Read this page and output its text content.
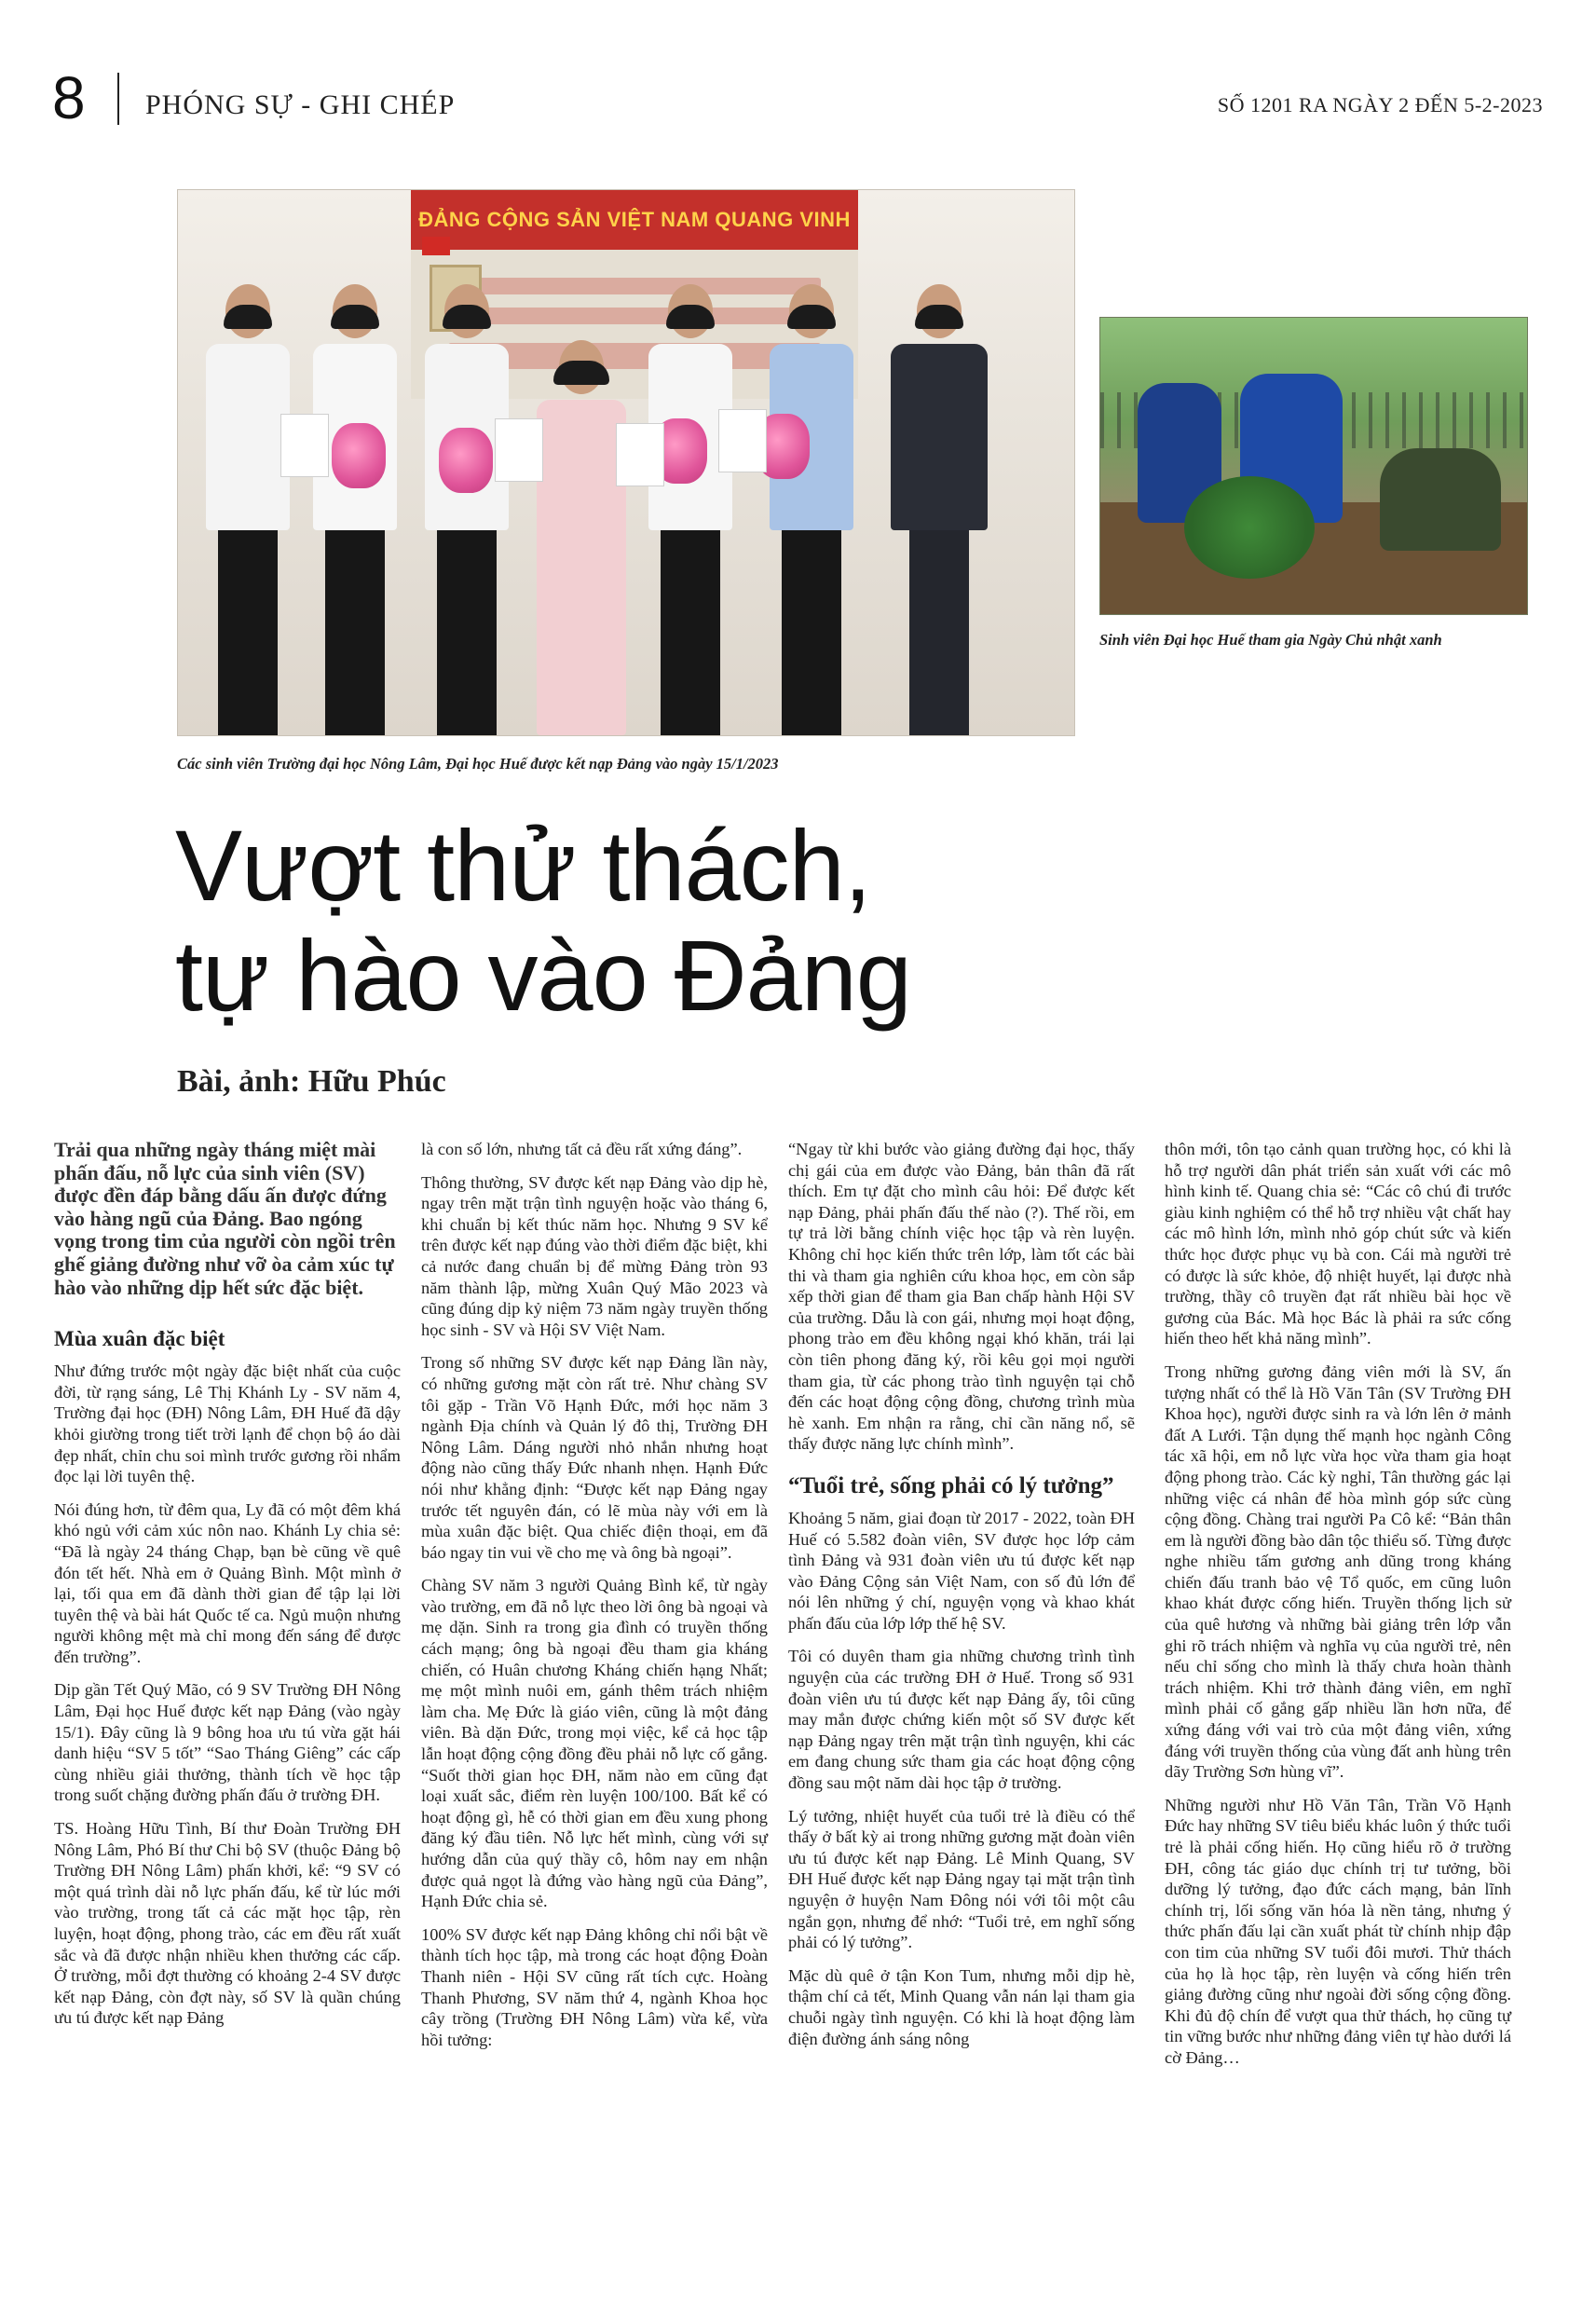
8 PHÓNG SỰ - GHI CHÉP	SỐ 1201 RA NGÀY 2 ĐẾN 5-2-2023
ĐẢNG CỘNG SẢN VIỆT NAM QUANG VINH
Các sinh viên Trường đại học Nông Lâm, Đại học Huế được kết nạp Đảng vào ngày 15/1/2023
Sinh viên Đại học Huế tham gia Ngày Chủ nhật xanh
Vượt thử thách,
tự hào vào Đảng
Bài, ảnh: Hữu Phúc

Trải qua những ngày tháng miệt mài phấn đấu, nỗ lực của sinh viên (SV) được đền đáp bằng dấu ấn được đứng vào hàng ngũ của Đảng. Bao ngóng vọng trong tim của người còn ngồi trên ghế giảng đường như vỡ òa cảm xúc tự hào vào những dịp hết sức đặc biệt.

Mùa xuân đặc biệt

Như đứng trước một ngày đặc biệt nhất của cuộc đời, từ rạng sáng, Lê Thị Khánh Ly - SV năm 4, Trường đại học (ĐH) Nông Lâm, ĐH Huế đã dậy khỏi giường trong tiết trời lạnh để chọn bộ áo dài đẹp nhất, chỉn chu soi mình trước gương rồi nhẩm đọc lại lời tuyên thệ.

Nói đúng hơn, từ đêm qua, Ly đã có một đêm khá khó ngủ với cảm xúc nôn nao. Khánh Ly chia sẻ: “Đã là ngày 24 tháng Chạp, bạn bè cũng về quê đón tết hết. Nhà em ở Quảng Bình. Một mình ở lại, tối qua em đã dành thời gian để tập lại lời tuyên thệ và bài hát Quốc tế ca. Ngủ muộn nhưng người không mệt mà chỉ mong đến sáng để được đến trường”.

Dịp gần Tết Quý Mão, có 9 SV Trường ĐH Nông Lâm, Đại học Huế được kết nạp Đảng (vào ngày 15/1). Đây cũng là 9 bông hoa ưu tú vừa gặt hái danh hiệu “SV 5 tốt” “Sao Tháng Giêng” các cấp cùng nhiều giải thưởng, thành tích về học tập trong suốt chặng đường phấn đấu ở trường ĐH.

TS. Hoàng Hữu Tình, Bí thư Đoàn Trường ĐH Nông Lâm, Phó Bí thư Chi bộ SV (thuộc Đảng bộ Trường ĐH Nông Lâm) phấn khởi, kể: “9 SV có một quá trình dài nỗ lực phấn đấu, kể từ lúc mới vào trường, trong tất cả các mặt học tập, rèn luyện, hoạt động, phong trào, các em đều rất xuất sắc và đã được nhận nhiều khen thưởng các cấp. Ở trường, mỗi đợt thường có khoảng 2-4 SV được kết nạp Đảng, còn đợt này, số SV là quần chúng ưu tú được kết nạp Đảng

là con số lớn, nhưng tất cả đều rất xứng đáng”.

Thông thường, SV được kết nạp Đảng vào dịp hè, ngay trên mặt trận tình nguyện hoặc vào tháng 6, khi chuẩn bị kết thúc năm học. Nhưng 9 SV kể trên được kết nạp đúng vào thời điểm đặc biệt, khi cả nước đang chuẩn bị để mừng Đảng tròn 93 năm thành lập, mừng Xuân Quý Mão 2023 và cũng đúng dịp kỷ niệm 73 năm ngày truyền thống học sinh - SV và Hội SV Việt Nam.

Trong số những SV được kết nạp Đảng lần này, có những gương mặt còn rất trẻ. Như chàng SV tôi gặp - Trần Võ Hạnh Đức, mới học năm 3 ngành Địa chính và Quản lý đô thị, Trường ĐH Nông Lâm. Dáng người nhỏ nhắn nhưng hoạt động nào cũng thấy Đức nhanh nhẹn. Hạnh Đức nói như khẳng định: “Được kết nạp Đảng ngay trước tết nguyên đán, có lẽ mùa này với em là mùa xuân đặc biệt. Qua chiếc điện thoại, em đã báo ngay tin vui về cho mẹ và ông bà ngoại”.

Chàng SV năm 3 người Quảng Bình kể, từ ngày vào trường, em đã nỗ lực theo lời ông bà ngoại và mẹ dặn. Sinh ra trong gia đình có truyền thống cách mạng; ông bà ngoại đều tham gia kháng chiến, có Huân chương Kháng chiến hạng Nhất; mẹ một mình nuôi em, gánh thêm trách nhiệm làm cha. Mẹ Đức là giáo viên, cũng là một đảng viên. Bà dặn Đức, trong mọi việc, kể cả học tập lẫn hoạt động cộng đồng đều phải nỗ lực cố gắng. “Suốt thời gian học ĐH, năm nào em cũng đạt loại xuất sắc, điểm rèn luyện 100/100. Bất kể có hoạt động gì, hễ có thời gian em đều xung phong đăng ký đầu tiên. Nỗ lực hết mình, cùng với sự hướng dẫn của quý thầy cô, hôm nay em nhận được quả ngọt là đứng vào hàng ngũ của Đảng”, Hạnh Đức chia sẻ.

100% SV được kết nạp Đảng không chỉ nổi bật về thành tích học tập, mà trong các hoạt động Đoàn Thanh niên - Hội SV cũng rất tích cực. Hoàng Thanh Phương, SV năm thứ 4, ngành Khoa học cây trồng (Trường ĐH Nông Lâm) vừa kể, vừa hồi tưởng:

“Ngay từ khi bước vào giảng đường đại học, thấy chị gái của em được vào Đảng, bản thân đã rất thích. Em tự đặt cho mình câu hỏi: Để được kết nạp Đảng, phải phấn đấu thế nào (?). Thế rồi, em tự trả lời bằng chính việc học tập và rèn luyện. Không chỉ học kiến thức trên lớp, làm tốt các bài thi và tham gia nghiên cứu khoa học, em còn sắp xếp thời gian để tham gia Ban chấp hành Hội SV của trường. Dẫu là con gái, nhưng mọi hoạt động, phong trào em đều không ngại khó khăn, trái lại còn tiên phong đăng ký, rồi kêu gọi mọi người tham gia, từ các phong trào tình nguyện tại chỗ đến các hoạt động cộng đồng, chương trình mùa hè xanh. Em nhận ra rằng, chỉ cần năng nổ, sẽ thấy được năng lực chính mình”.

“Tuổi trẻ, sống phải có lý tưởng”

Khoảng 5 năm, giai đoạn từ 2017 - 2022, toàn ĐH Huế có 5.582 đoàn viên, SV được học lớp cảm tình Đảng và 931 đoàn viên ưu tú được kết nạp vào Đảng Cộng sản Việt Nam, con số đủ lớn để nói lên những ý chí, nguyện vọng và khao khát phấn đấu của lớp lớp thế hệ SV.

Tôi có duyên tham gia những chương trình tình nguyện của các trường ĐH ở Huế. Trong số 931 đoàn viên ưu tú được kết nạp Đảng ấy, tôi cũng may mắn được chứng kiến một số SV được kết nạp Đảng ngay trên mặt trận tình nguyện, khi các em đang chung sức tham gia các hoạt động cộng đồng sau một năm dài học tập ở trường.

Lý tưởng, nhiệt huyết của tuổi trẻ là điều có thể thấy ở bất kỳ ai trong những gương mặt đoàn viên ưu tú được kết nạp Đảng. Lê Minh Quang, SV ĐH Huế được kết nạp Đảng ngay tại mặt trận tình nguyện ở huyện Nam Đông nói với tôi một câu ngắn gọn, nhưng để nhớ: “Tuổi trẻ, em nghĩ sống phải có lý tưởng”.

Mặc dù quê ở tận Kon Tum, nhưng mỗi dịp hè, thậm chí cả tết, Minh Quang vẫn nán lại tham gia chuỗi ngày tình nguyện. Có khi là hoạt động làm điện đường ánh sáng nông

thôn mới, tôn tạo cảnh quan trường học, có khi là hỗ trợ người dân phát triển sản xuất với các mô hình kinh tế. Quang chia sẻ: “Các cô chú đi trước giàu kinh nghiệm có thể hỗ trợ nhiều vật chất hay các mô hình lớn, mình nhỏ góp chút sức và kiến thức học được phục vụ bà con. Cái mà người trẻ có được là sức khỏe, độ nhiệt huyết, lại được nhà trường, thầy cô truyền đạt rất nhiều bài học về gương của Bác. Mà học Bác là phải ra sức cống hiến theo hết khả năng mình”.

Trong những gương đảng viên mới là SV, ấn tượng nhất có thể là Hồ Văn Tân (SV Trường ĐH Khoa học), người được sinh ra và lớn lên ở mảnh đất A Lưới. Tận dụng thế mạnh học ngành Công tác xã hội, em nỗ lực vừa học vừa tham gia hoạt động phong trào. Các kỳ nghỉ, Tân thường gác lại những việc cá nhân để hòa mình góp sức cùng cộng đồng. Chàng trai người Pa Cô kể: “Bản thân em là người đồng bào dân tộc thiểu số. Từng được nghe nhiều tấm gương anh dũng trong kháng chiến đấu tranh bảo vệ Tổ quốc, em cũng luôn khao khát được cống hiến. Truyền thống lịch sử của quê hương và những bài giảng trên lớp vẫn ghi rõ trách nhiệm và nghĩa vụ của người trẻ, nên nếu chỉ sống cho mình là thấy chưa hoàn thành trách nhiệm. Khi trở thành đảng viên, em nghĩ mình phải cố gắng gấp nhiều lần hơn nữa, để xứng đáng với vai trò của một đảng viên, xứng đáng với truyền thống của vùng đất anh hùng trên dãy Trường Sơn hùng vĩ”.

Những người như Hồ Văn Tân, Trần Võ Hạnh Đức hay những SV tiêu biểu khác luôn ý thức tuổi trẻ là phải cống hiến. Họ cũng hiểu rõ ở trường ĐH, công tác giáo dục chính trị tư tưởng, bồi dưỡng lý tưởng, đạo đức cách mạng, bản lĩnh chính trị, lối sống văn hóa là nền tảng, nhưng ý thức phấn đấu lại cần xuất phát từ chính nhịp đập con tim của những SV tuổi đôi mươi. Thử thách của họ là học tập, rèn luyện và cống hiến trên giảng đường cũng như ngoài đời sống cộng đồng. Khi đủ độ chín để vượt qua thử thách, họ cũng tự tin vững bước như những đảng viên tự hào dưới lá cờ Đảng…
